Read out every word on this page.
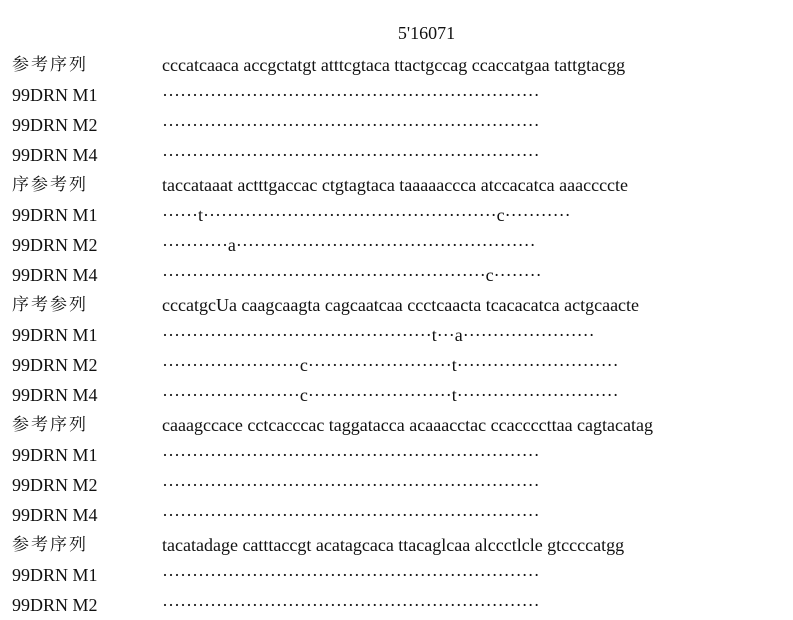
5'16071
参考序列	cccatcaaca accgctatgt atttcgtaca ttactgccag ccaccatgaa tattgtacgg
99DRN M1	·······························································
99DRN M2	·······························································
99DRN M4	·······························································
序参考列	taccataaat actttgaccac ctgtagtaca taaaaaccca atccacatca aaaccccte
99DRN M1	······t·················································c···········
99DRN M2	···········a··················································
99DRN M4	······················································c········
序考参列	cccatgcUa caagcaagta cagcaatcaa ccctcaacta tcacacatca actgcaacte
99DRN M1	·············································t···a······················
99DRN M2	·······················c························t···························
99DRN M4	·······················c························t···························
参考序列	caaagccace cctcacccac taggatacca acaaacctac ccaccccttaa cagtacatag
99DRN M1	·······························································
99DRN M2	·······························································
99DRN M4	·······························································
参考序列	tacatadage catttaccgt acatagcaca ttacaglcaa alccctlcle gtccccatgg
99DRN M1	·······························································
99DRN M2	·······························································
